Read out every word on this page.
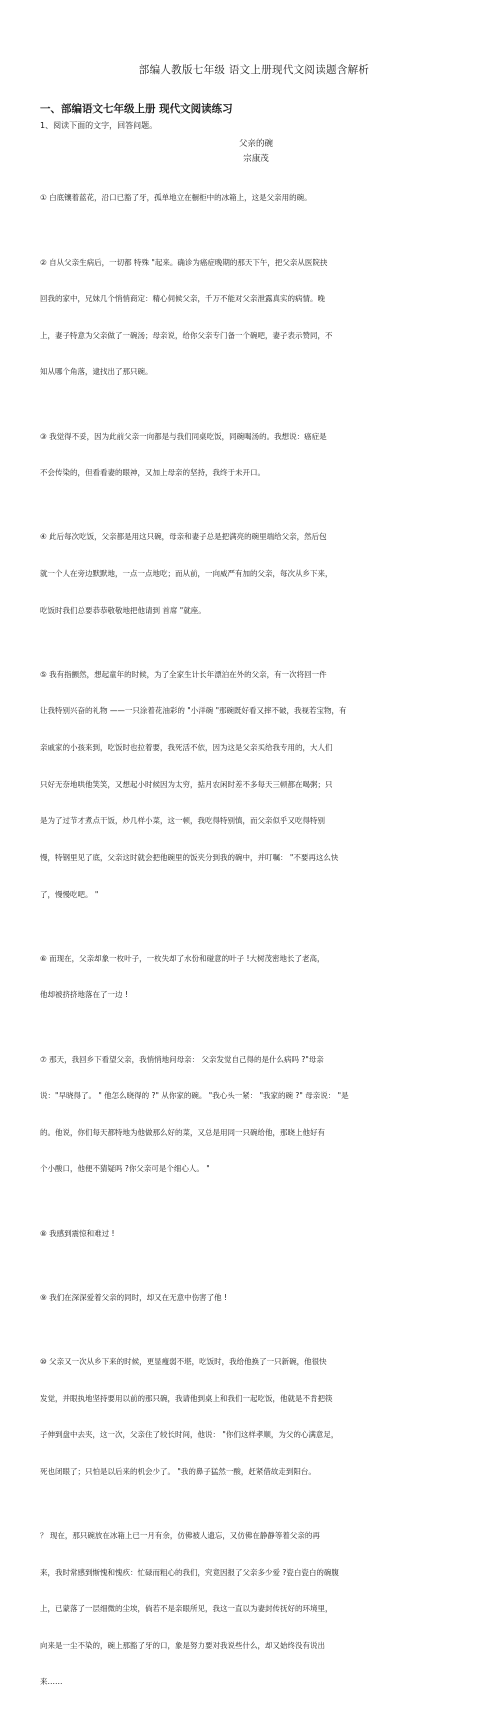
部编人教版七年级 语文上册现代文阅读题含解析
一、部编语文七年级上册 现代文阅读练习
1、阅读下面的文字，回答问题。
父亲的碗
宗康茂

① 白底镶着蓝花，沿口已豁了牙，孤单地立在橱柜中的冰箱上，这是父亲用的碗。

② 自从父亲生病后，一切都 特殊 "起来。确诊为癌症晚期的那天下午，把父亲从医院抉

回我的家中，兄妹几个悄悄商定：精心伺候父亲，千万不能对父亲泄露真实的病情。晚

上，妻子特意为父亲做了一碗汤；母亲说，给你父亲专门备一个碗吧，妻子表示赞同，不

知从哪个角落，逮找出了那只碗。

③ 我觉得不妥，因为此前父亲一向都是与我们同桌吃饭，同碗喝汤的。我想说：癌症是

不会传染的，但看看妻的眼神，又加上母亲的坚持，我终于未开口。

④ 此后每次吃饭，父亲都是用这只碗，母亲和妻子总是把满亮的碗里端给父亲，然后包

就一个人在旁边默默地，一点一点地吃；而从前，一向威严有加的父亲，每次从乡下来，

吃饭时我们总要恭恭敬敬地把他请到 首席 "就座。

⑤ 我有指颤然，想起童年的时候，为了全家生计长年漂泊在外的父亲，有一次将回一件

让我特别兴奋的礼物 ——一只涂着花油彩的 "小洋碗 "那碗既好看又摔不破，我视若宝物，有

亲戚家的小孩来到，吃饭时也拉着要，我死活不依，因为这是父亲买给我专用的，大人们

只好无奈地哄他笑笑，又想起小时候因为太穷，掂月农闲时差不多每天三顿都在喝粥；只

是为了过节才煮点干饭，炒几样小菜，这一顿，我吃得特别慎，而父亲似乎又吃得特别

慢，特钢里见了底，父亲这时就会把他碗里的饭夹分到我的碗中，并叮嘱： "不要再这么快

了，慢慢吃吧。 "

⑥ 而现在，父亲却象一枚叶子，一枚失却了水份和碰意的叶子 !大树茂密地长了老高，

他却被挤挤地落在了一边 !

⑦ 那天，我回乡下看望父亲，我悄悄地问母亲： 父亲发觉自己得的是什么病吗 ?"母亲

说："早晓得了。 " 他怎么晓得的 ?" 从你家的碗。 "我心头一紧： "我家的碗 ?" 母亲说： "是

的。他说，你们每天都特地为他做那么好的菜，又总是用同一只碗给他，那晓上他好有

个小酸口，他便不猜疑吗 ?你父亲可是个细心人。 "

⑧ 我感到震惊和难过 !

⑨ 我们在深深爱着父亲的同时，却又在无意中伤害了他 !

⑩ 父亲又一次从乡下来的时候，更显瘦弱不堪，吃饭时，我给他换了一只新碗，他很快

发觉，并眼执地坚持要用以前的那只碗，我请他到桌上和我们一起吃饭，他就是不肯把筷

子伸到盘中去夹，这一次，父亲住了较长时间，他说： "你们这样孝顺，为父的心满意足，

死也闭眼了；只怕是以后来的机会少了。 "我的鼻子猛然一酸，赶紧借故走到阳台。

？ 现在，那只碗放在冰箱上已一月有余，仿佛被人遗忘，又仿佛在静静等着父亲的再

来，我时常感到惭愧和愧疚：忙碌而粗心的我们，究竟因报了父亲多少爱 ?瓷白瓷白的碗腹

上，已蒙落了一层细微的尘埃，倘若不是亲眼所见，我这一直以为妻封传抚好的环境里，

向来是一尘不染的，碗上那豁了牙的口，象是努力要对我说些什么，却又始终没有说出

来……
